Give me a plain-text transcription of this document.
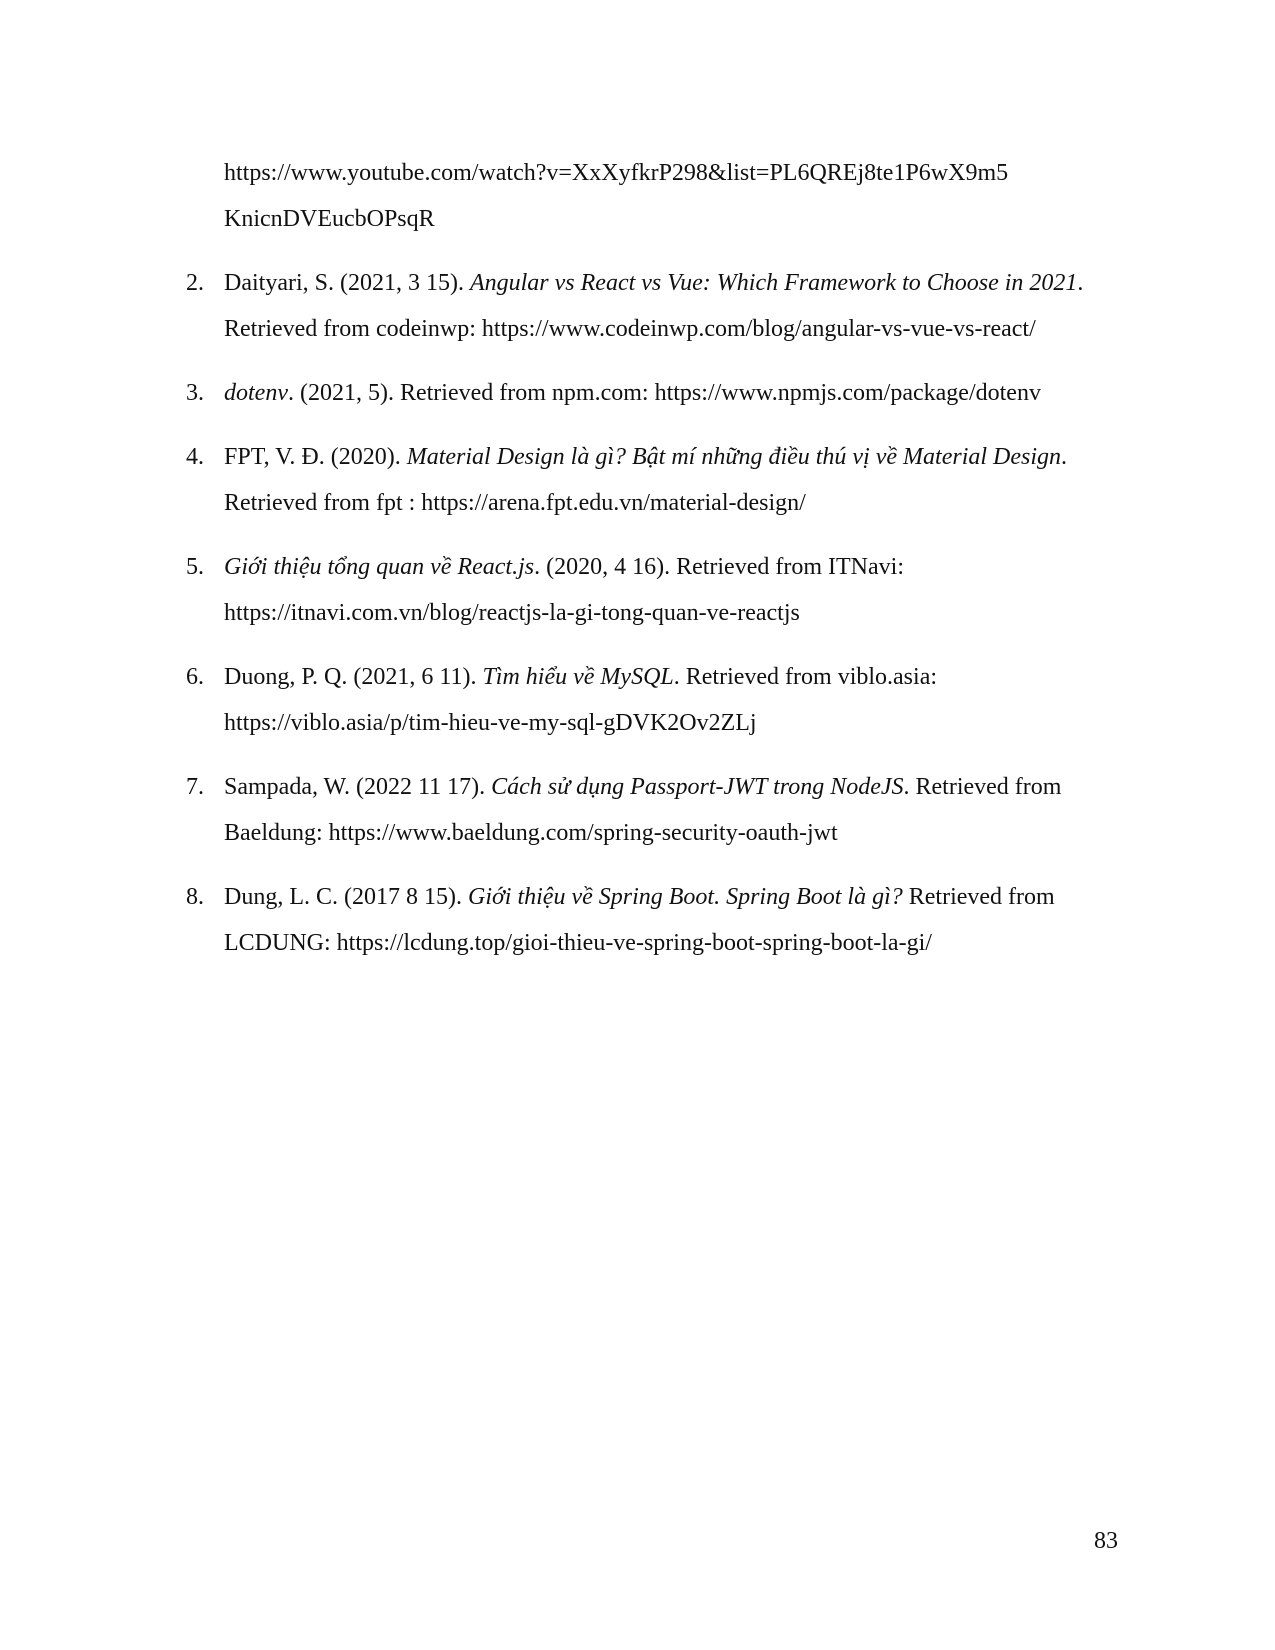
https://www.youtube.com/watch?v=XxXyfkrP298&list=PL6QREj8te1P6wX9m5
KnicnDVEucbOPsqR
2. Daityari, S. (2021, 3 15). Angular vs React vs Vue: Which Framework to Choose in 2021. Retrieved from codeinwp: https://www.codeinwp.com/blog/angular-vs-vue-vs-react/
3. dotenv. (2021, 5). Retrieved from npm.com: https://www.npmjs.com/package/dotenv
4. FPT, V. Đ. (2020). Material Design là gì? Bật mí những điều thú vị về Material Design. Retrieved from fpt : https://arena.fpt.edu.vn/material-design/
5. Giới thiệu tổng quan về React.js. (2020, 4 16). Retrieved from ITNavi: https://itnavi.com.vn/blog/reactjs-la-gi-tong-quan-ve-reactjs
6. Duong, P. Q. (2021, 6 11). Tìm hiểu về MySQL. Retrieved from viblo.asia: https://viblo.asia/p/tim-hieu-ve-my-sql-gDVK2Ov2ZLj
7. Sampada, W. (2022 11 17). Cách sử dụng Passport-JWT trong NodeJS. Retrieved from Baeldung: https://www.baeldung.com/spring-security-oauth-jwt
8. Dung, L. C. (2017 8 15). Giới thiệu về Spring Boot. Spring Boot là gì? Retrieved from LCDUNG: https://lcdung.top/gioi-thieu-ve-spring-boot-spring-boot-la-gi/
83
